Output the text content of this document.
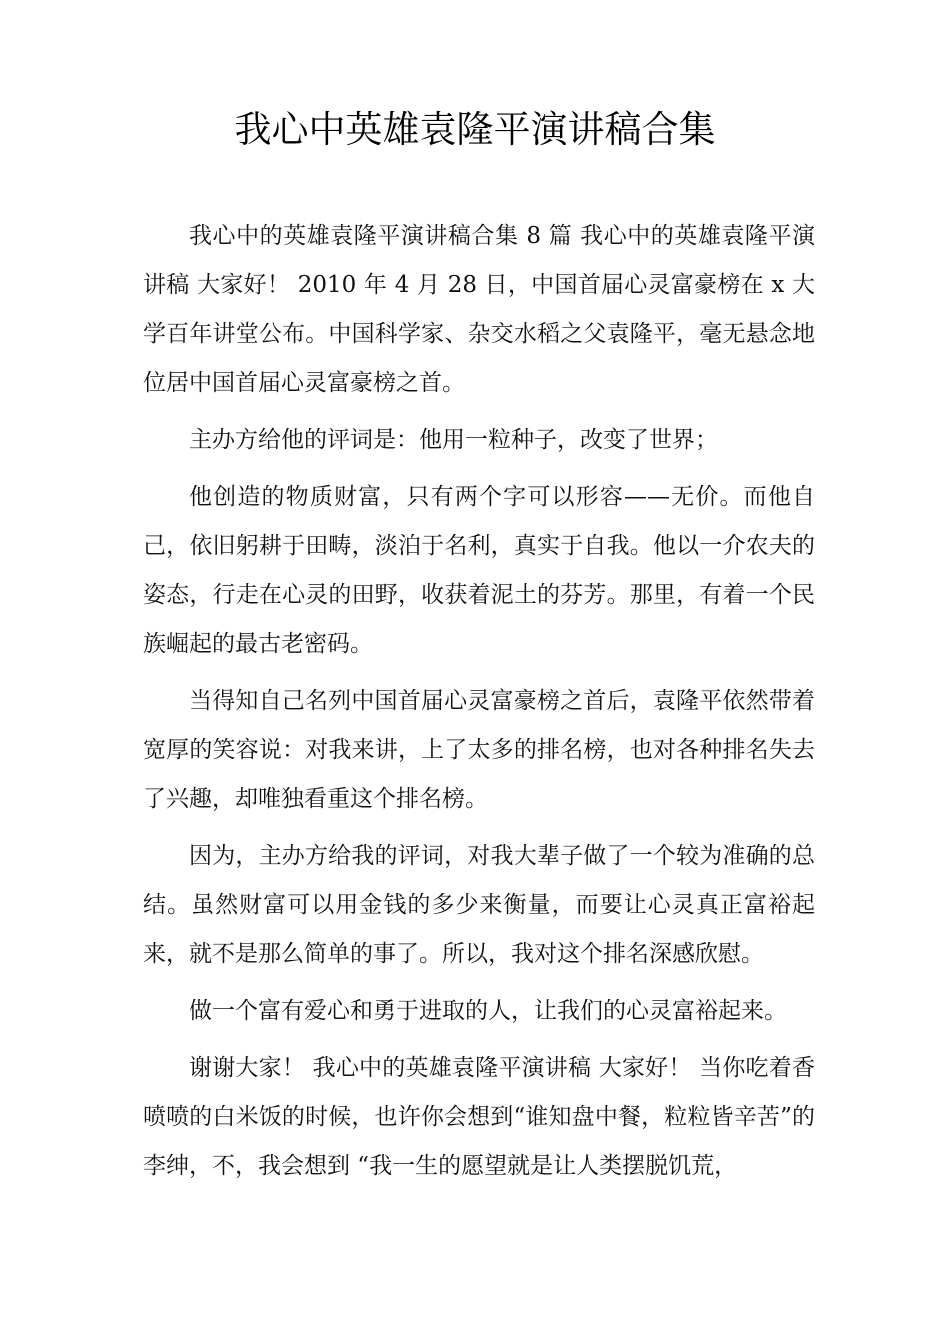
我心中英雄袁隆平演讲稿合集

我心中的英雄袁隆平演讲稿合集 8 篇 我心中的英雄袁隆平演讲稿 大家好！ 2010 年 4 月 28 日，中国首届心灵富豪榜在 x 大学百年讲堂公布。中国科学家、杂交水稻之父袁隆平，毫无悬念地位居中国首届心灵富豪榜之首。

主办方给他的评词是：他用一粒种子，改变了世界；

他创造的物质财富，只有两个字可以形容——无价。而他自己，依旧躬耕于田畴，淡泊于名利，真实于自我。他以一介农夫的姿态，行走在心灵的田野，收获着泥土的芬芳。那里，有着一个民族崛起的最古老密码。

当得知自己名列中国首届心灵富豪榜之首后，袁隆平依然带着宽厚的笑容说：对我来讲，上了太多的排名榜，也对各种排名失去了兴趣，却唯独看重这个排名榜。

因为，主办方给我的评词，对我大辈子做了一个较为准确的总结。虽然财富可以用金钱的多少来衡量，而要让心灵真正富裕起来，就不是那么简单的事了。所以，我对这个排名深感欣慰。

做一个富有爱心和勇于进取的人，让我们的心灵富裕起来。

谢谢大家！ 我心中的英雄袁隆平演讲稿 大家好！ 当你吃着香喷喷的白米饭的时候，也许你会想到“谁知盘中餐，粒粒皆辛苦”的李绅，不，我会想到 “我一生的愿望就是让人类摆脱饥荒，
